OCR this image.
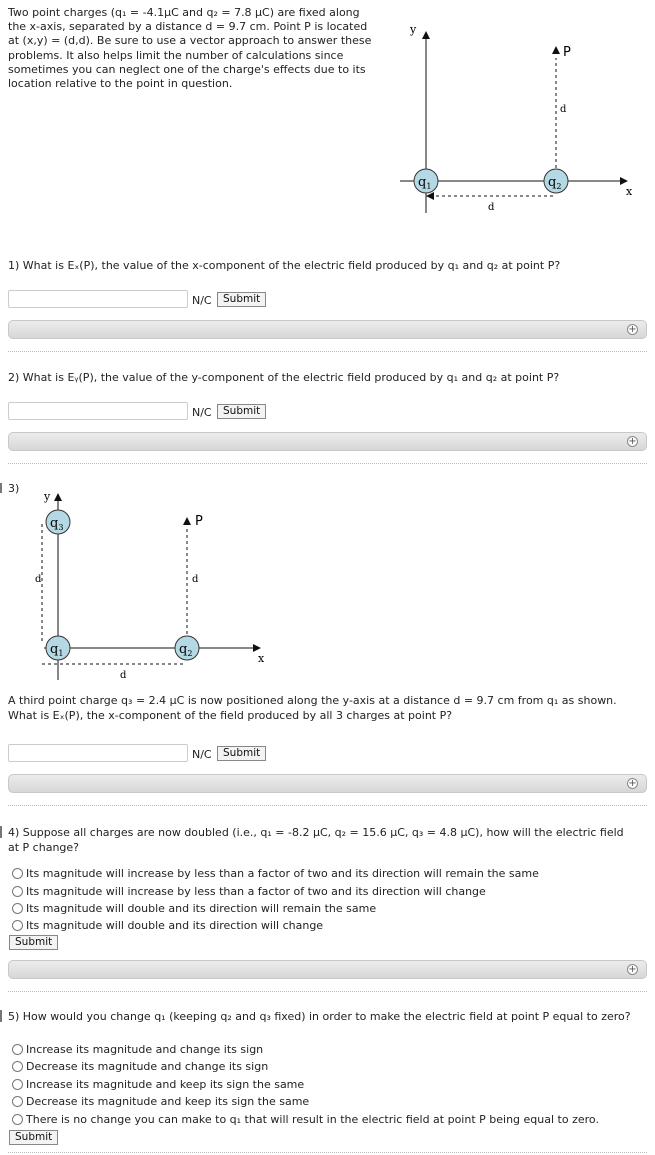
Two point charges (q₁ = -4.1µC and q₂ = 7.8 µC) are fixed along the x-axis, separated by a distance d = 9.7 cm. Point P is located at (x,y) = (d,d). Be sure to use a vector approach to answer these problems. It also helps limit the number of calculations since sometimes you can neglect one of the charge's effects due to its location relative to the point in question.
y
x
P
d
d
$q_1$	$q_2$
1) What is Eₓ(P), the value of the x-component of the electric field produced by q₁ and q₂ at point P?
N/C	Submit
+
2) What is Eᵧ(P), the value of the y-component of the electric field produced by q₁ and q₂ at point P?
N/C	Submit
+
3)
y
x
d
P
d
d
$q_3$
$q_1$	$q_2$
A third point charge q₃ = 2.4 µC is now positioned along the y-axis at a distance d = 9.7 cm from q₁ as shown. What is Eₓ(P), the x-component of the field produced by all 3 charges at point P?
N/C	Submit
+
4) Suppose all charges are now doubled (i.e., q₁ = -8.2 µC, q₂ = 15.6 µC, q₃ = 4.8 µC), how will the electric field at P change?
Its magnitude will increase by less than a factor of two and its direction will remain the same
Its magnitude will increase by less than a factor of two and its direction will change
Its magnitude will double and its direction will remain the same
Its magnitude will double and its direction will change
Submit
+
5) How would you change q₁ (keeping q₂ and q₃ fixed) in order to make the electric field at point P equal to zero?
Increase its magnitude and change its sign
Decrease its magnitude and change its sign
Increase its magnitude and keep its sign the same
Decrease its magnitude and keep its sign the same
There is no change you can make to q₁ that will result in the electric field at point P being equal to zero.
Submit
